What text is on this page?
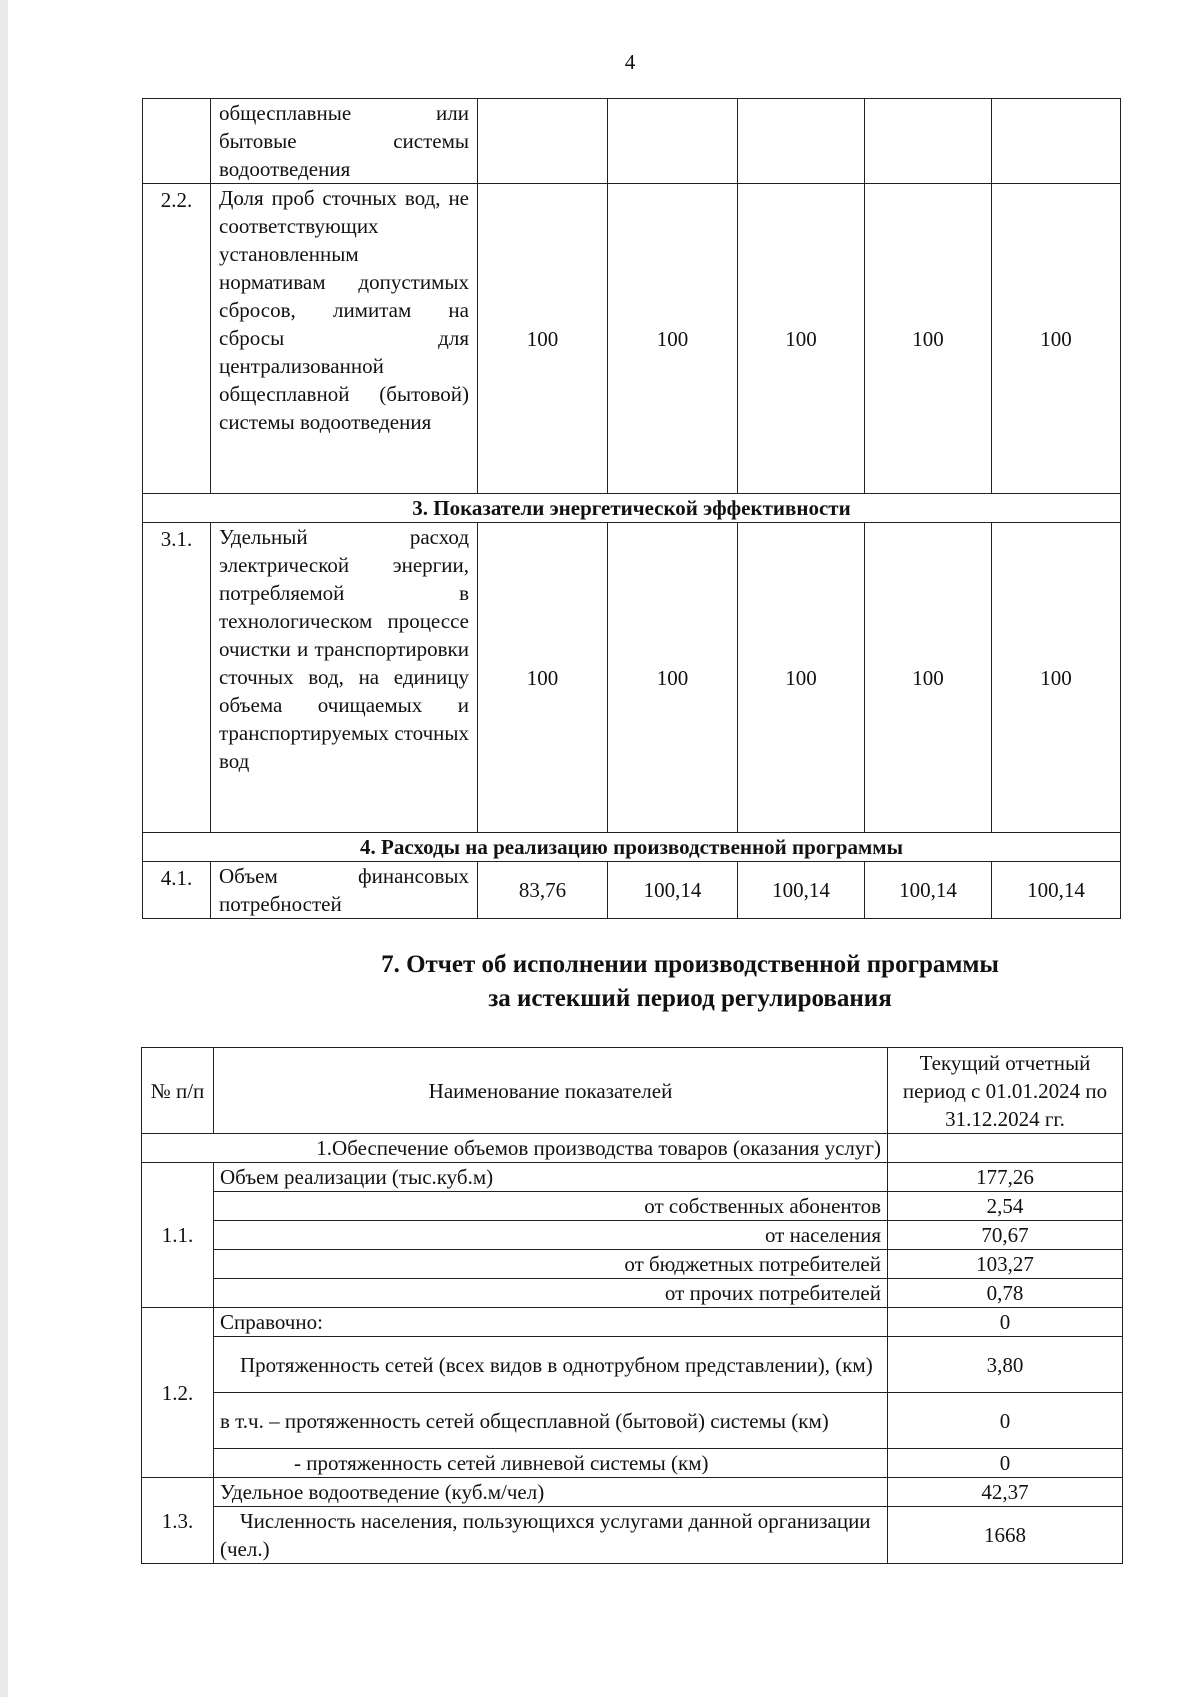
4
	общесплавные или бытовые системы водоотведения					
2.2.	Доля проб сточных вод, не соответствующих установленным нормативам допустимых сбросов, лимитам на сбросы для централизованной общесплавной (бытовой) системы водоотведения	100	100	100	100	100
3. Показатели энергетической эффективности						
3.1.	Удельный расход электрической энергии, потребляемой в технологическом процессе очистки и транспортировки сточных вод, на единицу объема очищаемых и транспортируемых сточных вод	100	100	100	100	100
4. Расходы на реализацию производственной программы						
4.1.	Объем финансовых потребностей	83,76	100,14	100,14	100,14	100,14
7. Отчет об исполнении производственной программы
за истекший период регулирования
№ п/п	Наименование показателей	Текущий отчетный период с 01.01.2024 по 31.12.2024 гг.
1.Обеспечение объемов производства товаров (оказания услуг)		
1.1.	Объем реализации (тыс.куб.м)	177,26
	от собственных абонентов	2,54
	от населения	70,67
	от бюджетных потребителей	103,27
	от прочих потребителей	0,78
1.2.	Справочно:	0
	Протяженность сетей (всех видов в однотрубном представлении), (км)	3,80
	в т.ч. – протяженность сетей общесплавной (бытовой) системы (км)	0
	- протяженность сетей ливневой системы (км)	0
1.3.	Удельное водоотведение (куб.м/чел)	42,37
	Численность населения, пользующихся услугами данной организации (чел.)	1668
